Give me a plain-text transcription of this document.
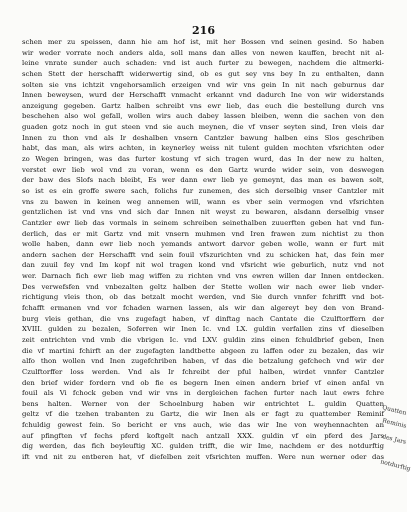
216
schen mer zu speissen, dann hie am hof ist, mit her Bossen vnd seinen gesind. So haben
wir weder vorrate noch anders alda, soll mans dan alles von newen kauffen, brecht nit al-
leine vnrate sunder auch schaden: vnd ist auch furter zu bewegen, nachdem die altmerki-
schen Stett der herschafft widerwertig sind, ob es gut sey vns bey In zu enthalten, dann
solten sie vns ichtzit vngehorsamlich erzeigen vnd wir vns gein In nit nach geburnus dar
Innen beweysen, wurd der Herschafft vnmacht erkannt vnd dadurch Ine von wir widerstands
anzeigung gegeben. Gartz halben schreibt vns ewr lieb, das euch die bestellung durch vns
beschehen also wol gefall, wollen wirs auch dabey lassen bleiben, wenn die sachen von den
guaden gotz noch in gut steen vnd sie auch meynen, die vf vnser seyten sind, Iren vleis dar
Innen zu thon vnd als Ir deshalben vnsern Cantzler bawung halben eins Slos geschriben
habt, das man, als wirs achten, in keynerley weiss nit tulent gulden mochten vfsrichten oder
zo Wegen bringen, was das furter kostung vf sich tragen wurd, das In der new zu halten,
verstet ewr lieb wol vnd zu voran, wenn es den Gartz wurde wider sein, von deswegen
der baw des Slofs nach bleibt, Es wer dann ewr lieb ye gemeynt, das man es bawen solt,
so ist es ein groffe swere sach, folichs fur zunemen, des sich derselbig vnser Cantzler mit
vns zu bawen in keinen weg annemen will, wann es vber sein vermogen vnd vfsrichten
gentzlichen ist vnd vns vnd sich dar Innen nit weyst zu bewaren, alsdann derselbig vnser
Cantzler ewr lieb das vormals in seinem schreiben seinethalben zuuerften geben hat vnd fun-
derlich, das er mit Gartz vnd mit vnsern muhmen vnd Iren frawen zum nichtist zu thon
wolle haben, dann ewr lieb noch yemands antwort darvor geben wolle, wann er furt mit
andern sachen der Herschafft vnd sein fouil vfszurichten vnd zu schicken hat, das fein mer
dan zuuil fey vnd Im kopf nit wol tragen kond vnd vfsricht wie geburlich, nutz vnd not
wer. Darnach fich ewr lieb mag wiffen zu richten vnd vns ewren willen dar Innen entdecken.
Des verwefsfen vnd vnbezalten geltz halben der Stette wollen wir nach ewer lieb vnder-
richtigung vleis thon, ob das betzalt mocht werden, vnd Sie durch vnnfer fchrifft vnd bot-
fchafft ermanen vnd vor fchaden warnen lassen, als wir dan algereyt bey den von Brand-
burg vleis gethan, die vns zugefagt haben, vf dinftag nach Cantate die Czulftorffern der
XVIII. gulden zu bezalen, Soferren wir Inen Ic. vnd LX. guldin verfallen zins vf dieselben
zeit entrichten vnd vmb die vbrigen Ic. vnd LXV. guldin zins einen fchuldbrief geben, Inen
die vf martini fchirft an der zugefagten landtbette abgeen zu laffen oder zu bezalen, das wir
alfo thon wollen vnd Inen zugefchriben haben, vf das die betzalung gefchech vnd wir der
Czulftorffer loss werden. Vnd als Ir fchreibt der pful halben, wirdet vnnfer Cantzler
den brief wider fordern vnd ob fie es begern Inen einen andern brief vf einen anfal vn
fouil als Vi fchock geben vnd wir vns in dergleichen fachen furter nach laut ewrs fchre
bens halten. Werner von der Schoelnburg haben wir entrichtet L. guldin Quatten
geltz vf die tzehen trabanten zu Gartz, die wir Inen als er fagt zu quattember Reminif
fchuldig gewest fein. So bericht er vns auch, wie das wir Ine von weyhennachten an
auf pfingften vf fechs pferd koftgelt nach antzall XXX. guldin vf ein pferd des Jars
dig werden, das fich beyleuftig XC. gulden trifft, die wir Ime, nachdem er des notdurftig
ift vnd nit zu entberen hat, vf diefelben zeit vfsrichten muffen. Were nun werner oder das
Quatten
Reminis
des Jars
notdurftig
